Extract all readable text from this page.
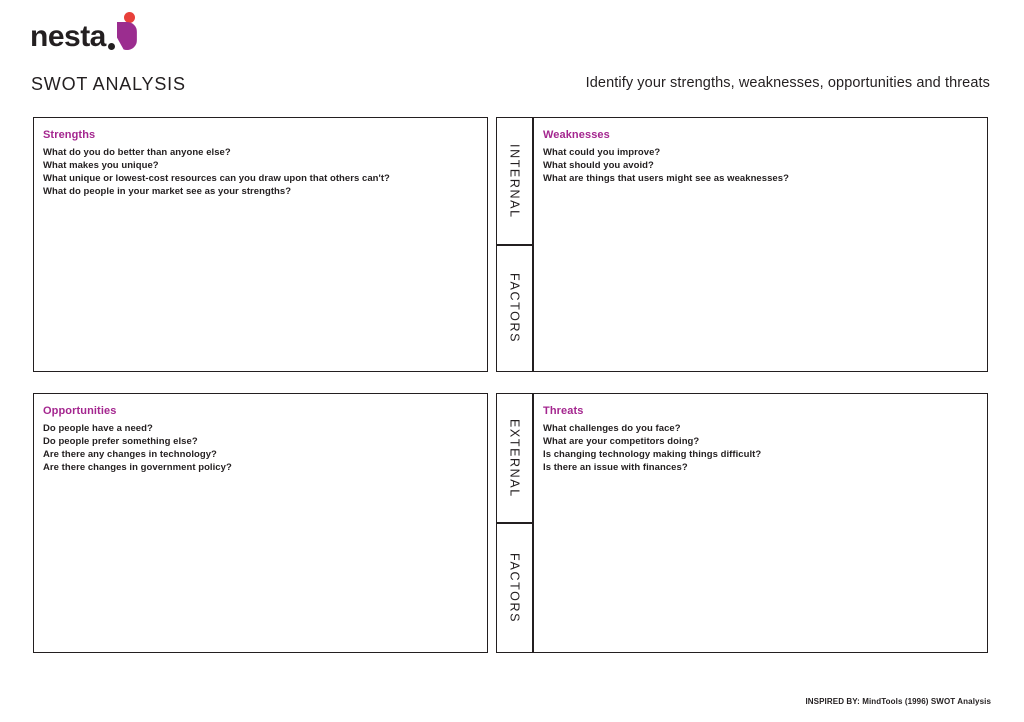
nesta
SWOT ANALYSIS	Identify your strengths, weaknesses, opportunities and threats
Strengths
What do you do better than anyone else?
What makes you unique?
What unique or lowest-cost resources can you draw upon that others can't?
What do people in your market see as your strengths?
Weaknesses
What could you improve?
What should you avoid?
What are things that users might see as weaknesses?
Opportunities
Do people have a need?
Do people prefer something else?
Are there any changes in technology?
Are there changes in government policy?
Threats
What challenges do you face?
What are your competitors doing?
Is changing technology making things difficult?
Is there an issue with finances?
INTERNAL
FACTORS
EXTERNAL
FACTORS
INSPIRED BY: MindTools (1996) SWOT Analysis
